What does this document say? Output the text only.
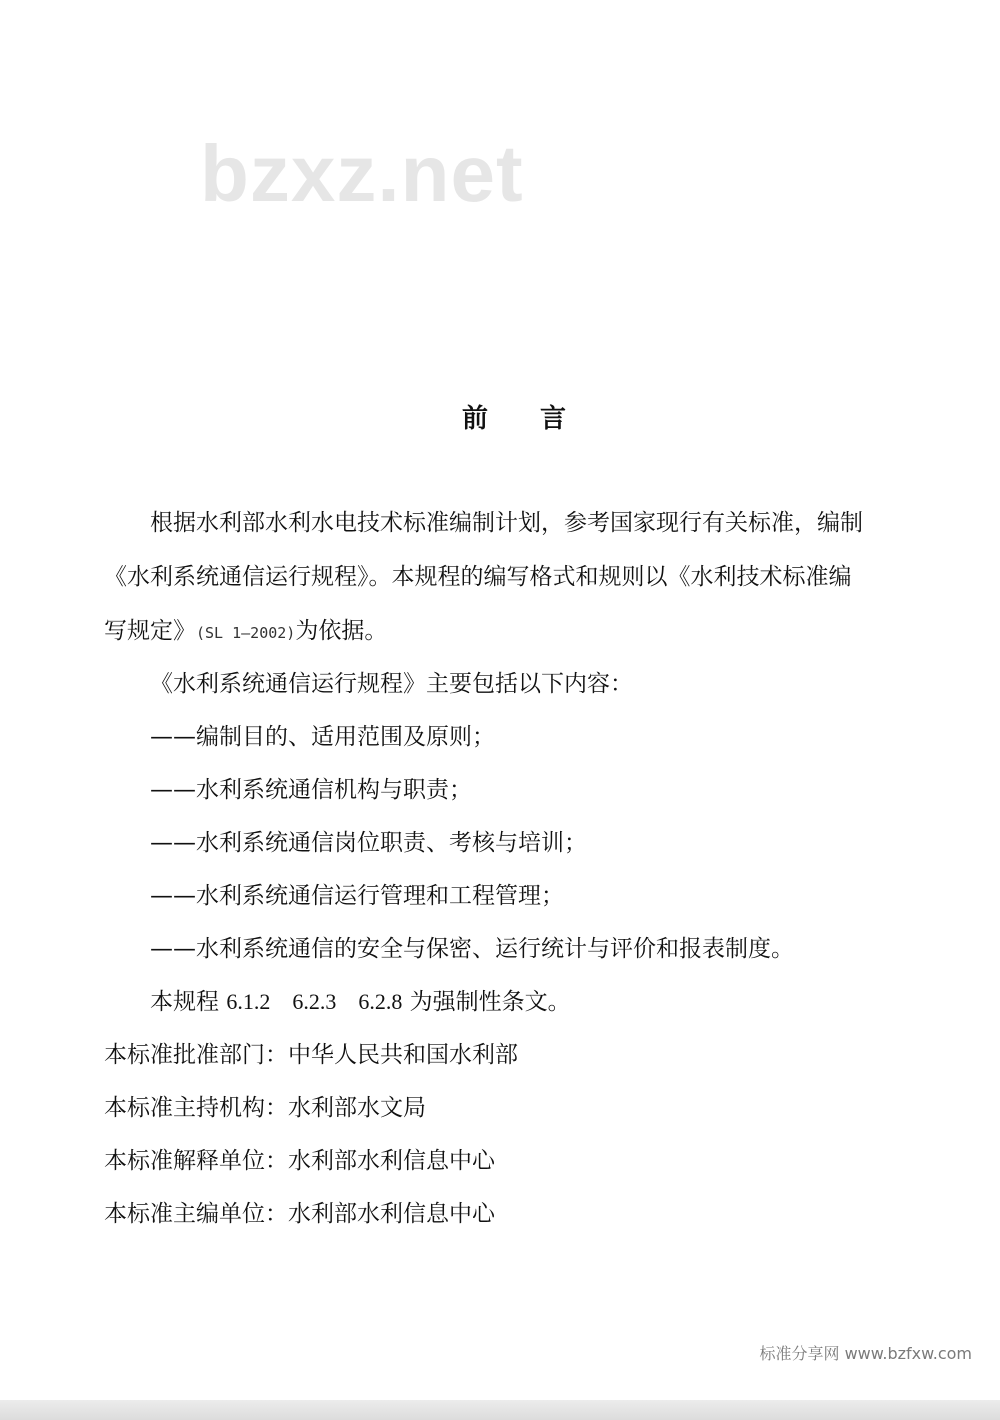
bzxz.net
前言
根据水利部水利水电技术标准编制计划，参考国家现行有关标准，编制
《水利系统通信运行规程》。本规程的编写格式和规则以《水利技术标准编
写规定》(SL 1—2002)为依据。
《水利系统通信运行规程》主要包括以下内容：
——编制目的、适用范围及原则；
——水利系统通信机构与职责；
——水利系统通信岗位职责、考核与培训；
——水利系统通信运行管理和工程管理；
——水利系统通信的安全与保密、运行统计与评价和报表制度。
本规程 6.1.2　6.2.3　6.2.8 为强制性条文。
本标准批准部门：中华人民共和国水利部
本标准主持机构：水利部水文局
本标准解释单位：水利部水利信息中心
本标准主编单位：水利部水利信息中心
标准分享网 www.bzfxw.com
